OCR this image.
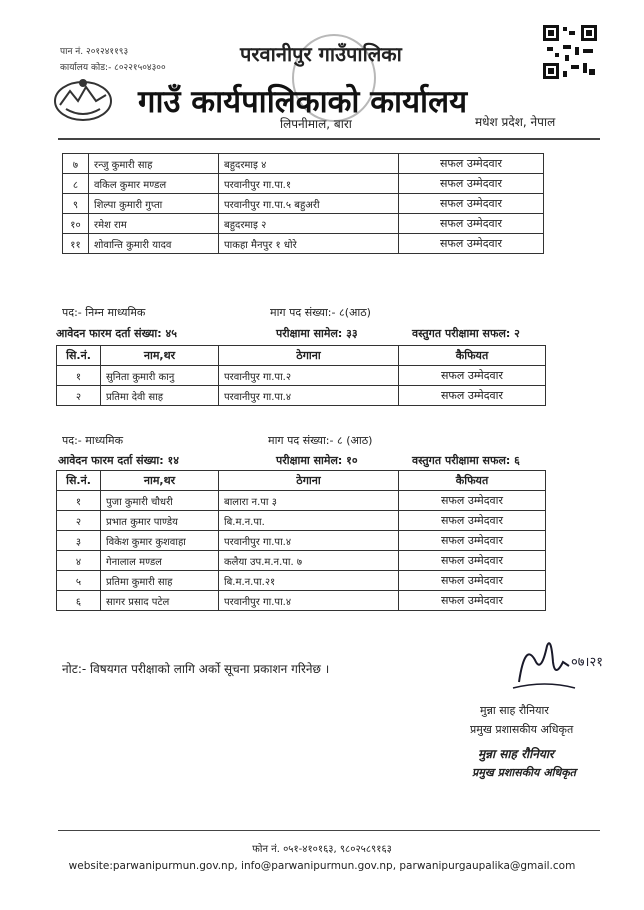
पान नं. २०१२४११९३
कार्यालय कोड:- ८०२२१५०४३००
परवानीपुर गाउँपालिका
गाउँ कार्यपालिकाको कार्यालय
लिपनीमाल, बारा	मधेश प्रदेश, नेपाल
७	रन्जु कुमारी साह	बहुदरमाइ ४	सफल उम्मेदवार
८	वकिल कुमार मण्डल	परवानीपुर गा.पा.१	सफल उम्मेदवार
९	शिल्पा कुमारी गुप्ता	परवानीपुर गा.पा.५ बहुअरी	सफल उम्मेदवार
१०	रमेश राम	बहुदरमाइ २	सफल उम्मेदवार
११	शोवान्ति कुमारी यादव	पाकहा मैनपुर १ धोरे	सफल उम्मेदवार
पद:- निम्न माध्यमिक	माग पद संख्या:- ८(आठ)
आवेदन फारम दर्ता संख्या: ४५	परीक्षामा सामेल: ३३	वस्तुगत परीक्षामा सफल: २
सि.नं.	नाम,थर	ठेगाना	कैफियत
१	सुनिता कुमारी कानु	परवानीपुर गा.पा.२	सफल उम्मेदवार
२	प्रतिमा देवी साह	परवानीपुर गा.पा.४	सफल उम्मेदवार
पद:- माध्यमिक	माग पद संख्या:- ८ (आठ)
आवेदन फारम दर्ता संख्या: १४	परीक्षामा सामेल: १०	वस्तुगत परीक्षामा सफल: ६
सि.नं.	नाम,थर	ठेगाना	कैफियत
१	पुजा कुमारी चौधरी	बालारा न.पा ३	सफल उम्मेदवार
२	प्रभात कुमार पाण्डेय	बि.म.न.पा.	सफल उम्मेदवार
३	विकेश कुमार कुशवाहा	परवानीपुर गा.पा.४	सफल उम्मेदवार
४	गेनालाल मण्डल	कलैया उप.म.न.पा. ७	सफल उम्मेदवार
५	प्रतिमा कुमारी साह	बि.म.न.पा.२१	सफल उम्मेदवार
६	सागर प्रसाद पटेल	परवानीपुर गा.पा.४	सफल उम्मेदवार
नोट:- विषयगत परीक्षाको लागि अर्को सूचना प्रकाशन गरिनेछ ।	०७।२१
मुन्ना साह रौनियार
प्रमुख प्रशासकीय अधिकृत
मुन्ना साह रौनियार
प्रमुख प्रशासकीय अधिकृत
फोन नं. ०५१-४१०१६३, ९८०२५८९१६३
website:parwanipurmun.gov.np, info@parwanipurmun.gov.np, parwanipurgaupalika@gmail.com
